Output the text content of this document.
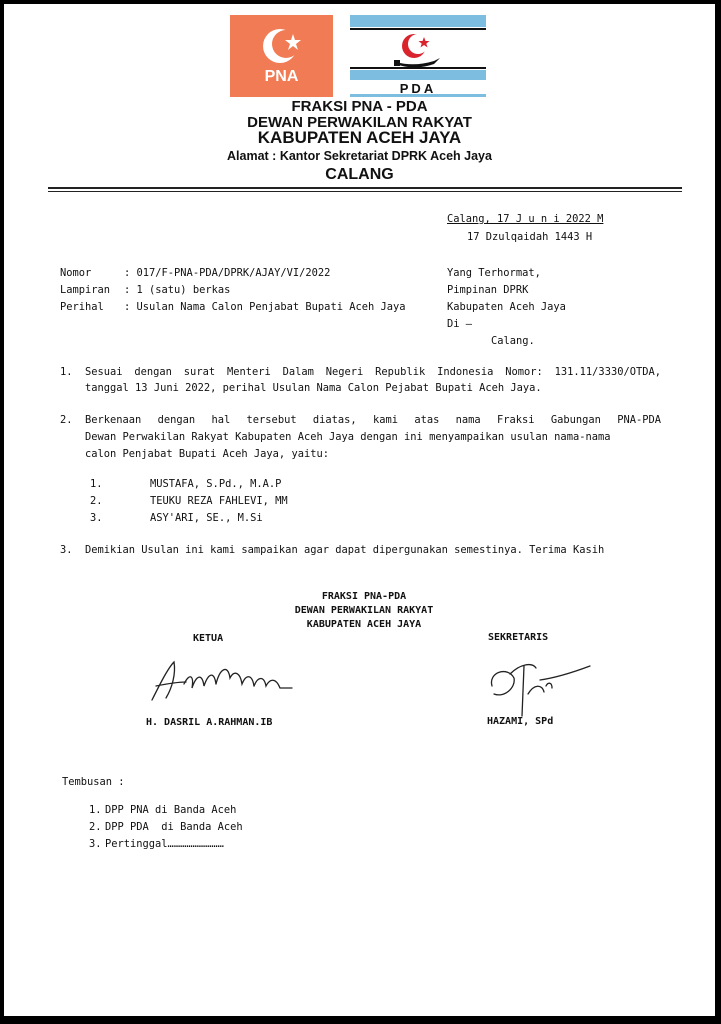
PNA
PDA
FRAKSI PNA - PDA
DEWAN PERWAKILAN RAKYAT
KABUPATEN ACEH JAYA
Alamat : Kantor Sekretariat DPRK Aceh Jaya
CALANG
Calang, 17 J u n i 2022 M
17 Dzulqaidah 1443 H
Nomor	: 017/F-PNA-PDA/DPRK/AJAY/VI/2022
Lampiran : 1 (satu) berkas
Perihal : Usulan Nama Calon Penjabat Bupati Aceh Jaya
Yang Terhormat,
Pimpinan DPRK
Kabupaten Aceh Jaya
Di –
Calang.
1. Sesuai dengan surat Menteri Dalam Negeri Republik Indonesia Nomor: 131.11/3330/OTDA,
tanggal 13 Juni 2022, perihal Usulan Nama Calon Pejabat Bupati Aceh Jaya.
2. Berkenaan dengan hal tersebut diatas, kami atas nama Fraksi Gabungan PNA-PDA
Dewan Perwakilan Rakyat Kabupaten Aceh Jaya dengan ini menyampaikan usulan nama-nama
calon Penjabat Bupati Aceh Jaya, yaitu:
1.	MUSTAFA, S.Pd., M.A.P
2.	TEUKU REZA FAHLEVI, MM
3.	ASY'ARI, SE., M.Si
3. Demikian Usulan ini kami sampaikan agar dapat dipergunakan semestinya. Terima Kasih
FRAKSI PNA-PDA
DEWAN PERWAKILAN RAKYAT
KABUPATEN ACEH JAYA
KETUA	SEKRETARIS
H. DASRIL A.RAHMAN.IB	HAZAMI, SPd
Tembusan :
1. DPP PNA di Banda Aceh
2. DPP PDA  di Banda Aceh
3. Pertinggal………………………
